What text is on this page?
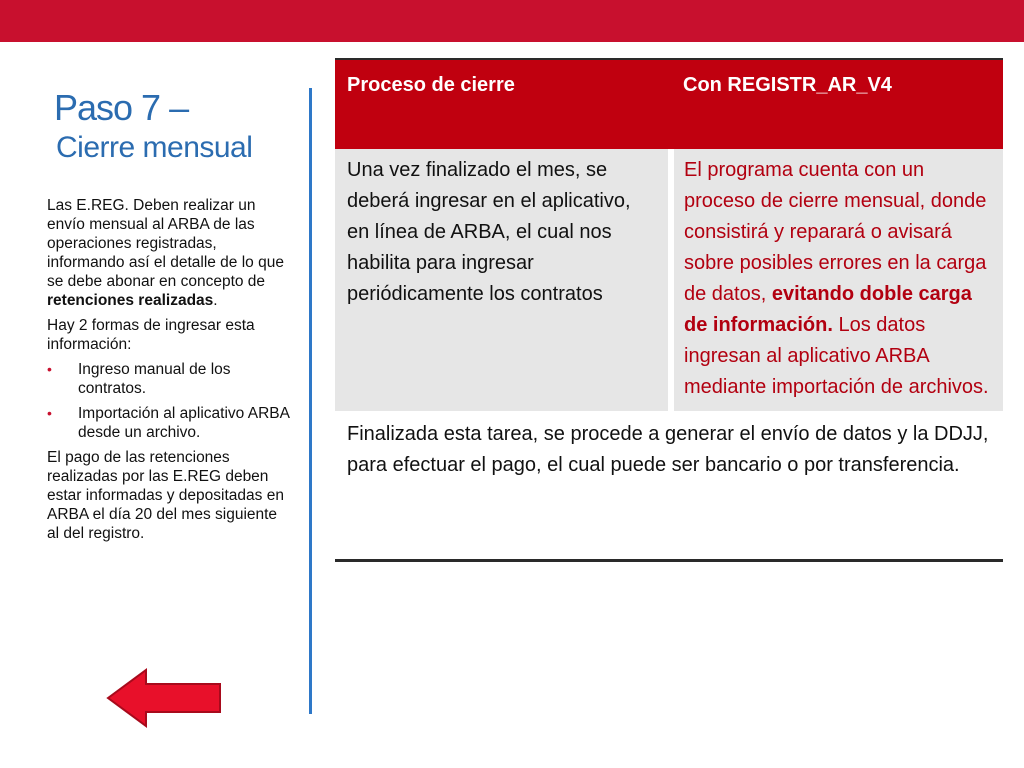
Paso 7 –
Cierre mensual

Las E.REG. Deben realizar un envío mensual al ARBA de las operaciones registradas, informando así el detalle de lo que se debe abonar en concepto de retenciones realizadas.

Hay 2 formas de ingresar esta información:

• Ingreso manual de los contratos.
• Importación al aplicativo ARBA desde un archivo.

El pago de las retenciones realizadas por las E.REG deben estar informadas y depositadas en ARBA el día 20 del mes siguiente al del registro.

Proceso de cierre	Con REGISTR_AR_V4
Una vez finalizado el mes, se deberá ingresar en el aplicativo, en línea de ARBA, el cual nos habilita para ingresar periódicamente los contratos	El programa cuenta con un proceso de cierre mensual, donde consistirá y reparará o avisará sobre posibles errores en la carga de datos, evitando doble carga de información. Los datos ingresan al aplicativo ARBA mediante importación de archivos.
Finalizada esta tarea, se procede a generar el envío de datos y la DDJJ, para efectuar el pago, el cual puede ser bancario o por transferencia.	
